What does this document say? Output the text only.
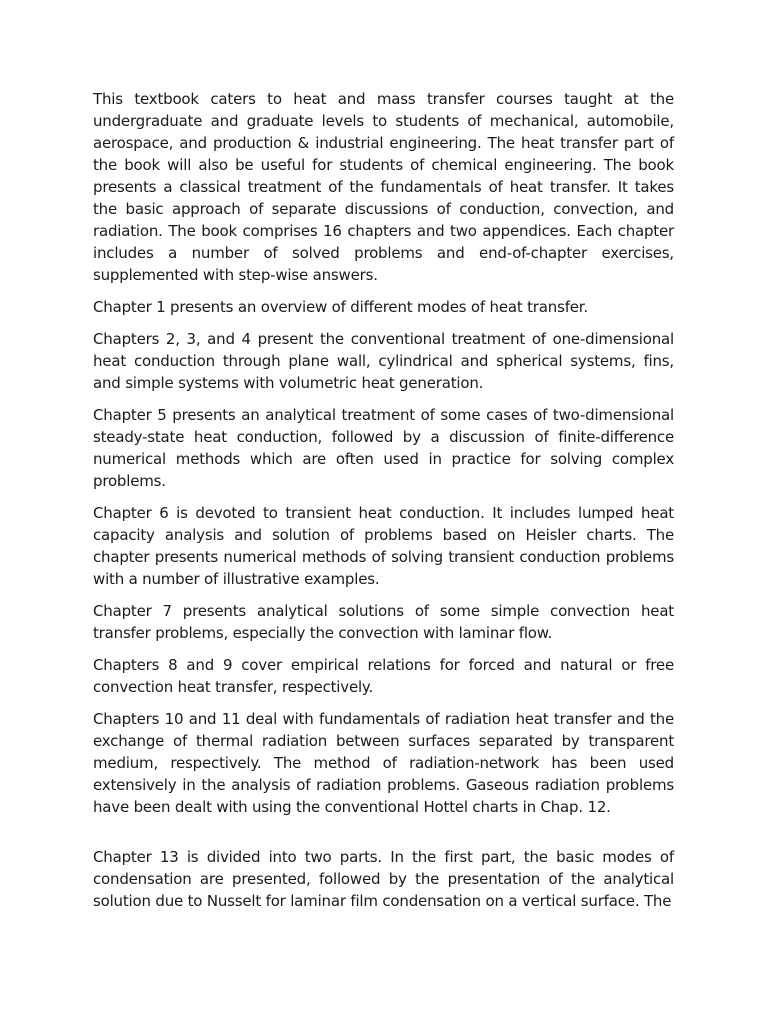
This textbook caters to heat and mass transfer courses taught at the undergraduate and graduate levels to students of mechanical, automobile, aerospace, and production & industrial engineering. The heat transfer part of the book will also be useful for students of chemical engineering. The book presents a classical treatment of the fundamentals of heat transfer. It takes the basic approach of separate discussions of conduction, convection, and radiation. The book comprises 16 chapters and two appendices. Each chapter includes a number of solved problems and end-of-chapter exercises, supplemented with step-wise answers.

Chapter 1 presents an overview of different modes of heat transfer.

Chapters 2, 3, and 4 present the conventional treatment of one-dimensional heat conduction through plane wall, cylindrical and spherical systems, fins, and simple systems with volumetric heat generation.

Chapter 5 presents an analytical treatment of some cases of two-dimensional steady-state heat conduction, followed by a discussion of finite-difference numerical methods which are often used in practice for solving complex problems.

Chapter 6 is devoted to transient heat conduction. It includes lumped heat capacity analysis and solution of problems based on Heisler charts. The chapter presents numerical methods of solving transient conduction problems with a number of illustrative examples.

Chapter 7 presents analytical solutions of some simple convection heat transfer problems, especially the convection with laminar flow.

Chapters 8 and 9 cover empirical relations for forced and natural or free convection heat transfer, respectively.

Chapters 10 and 11 deal with fundamentals of radiation heat transfer and the exchange of thermal radiation between surfaces separated by transparent medium, respectively. The method of radiation-network has been used extensively in the analysis of radiation problems. Gaseous radiation problems have been dealt with using the conventional Hottel charts in Chap. 12.

Chapter 13 is divided into two parts. In the first part, the basic modes of condensation are presented, followed by the presentation of the analytical solution due to Nusselt for laminar film condensation on a vertical surface. The
